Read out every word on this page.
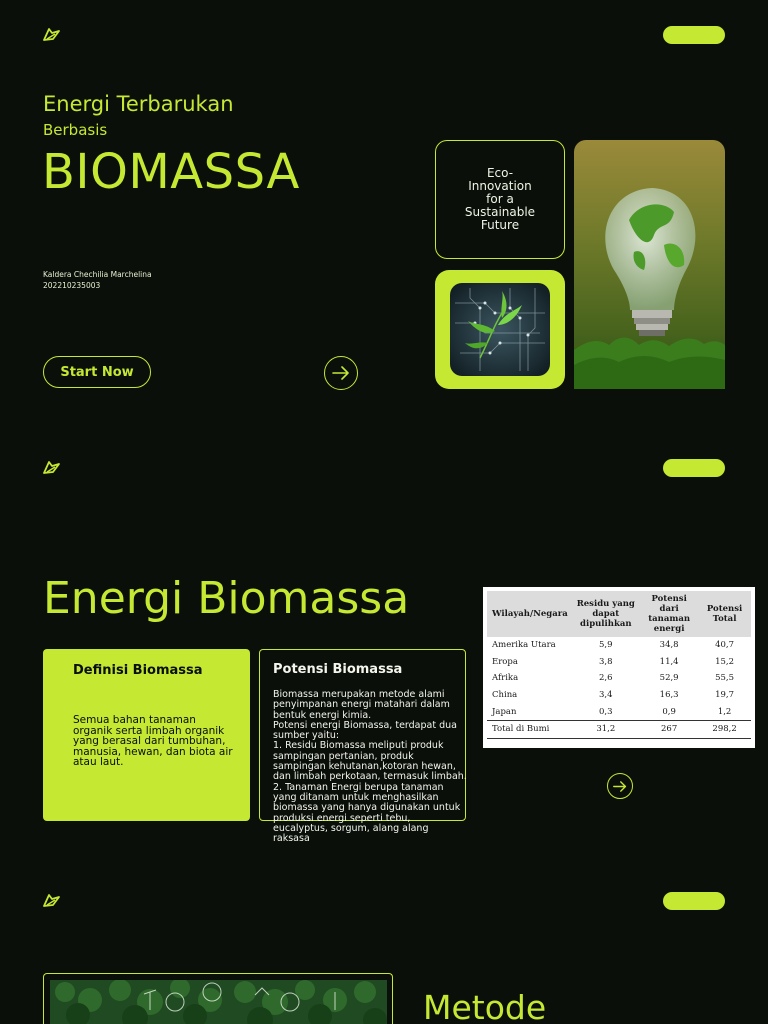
Energi Terbarukan
Berbasis
BIOMASSA
Kaldera Chechilia Marchelina
202210235003
Start Now
Eco-
Innovation
for a
Sustainable
Future
Energi Biomassa
Definisi Biomassa
Semua bahan tanaman organik serta limbah organik yang berasal dari tumbuhan, manusia, hewan, dan biota air atau laut.
Potensi Biomassa
Biomassa merupakan metode alami penyimpanan energi matahari dalam bentuk energi kimia.
Potensi energi Biomassa, terdapat dua sumber yaitu:
1. Residu Biomassa meliputi produk sampingan pertanian, produk sampingan kehutanan,kotoran hewan, dan limbah perkotaan, termasuk limbah.
2. Tanaman Energi berupa tanaman yang ditanam untuk menghasilkan biomassa yang hanya digunakan untuk produksi energi seperti tebu, eucalyptus, sorgum, alang alang raksasa
Wilayah/Negara	Residu yang dapat dipulihkan	Potensi dari tanaman energi	Potensi Total
Amerika Utara	5,9	34,8	40,7
Eropa	3,8	11,4	15,2
Afrika	2,6	52,9	55,5
China	3,4	16,3	19,7
Japan	0,3	0,9	1,2
Total di Bumi	31,2	267	298,2
Metode
